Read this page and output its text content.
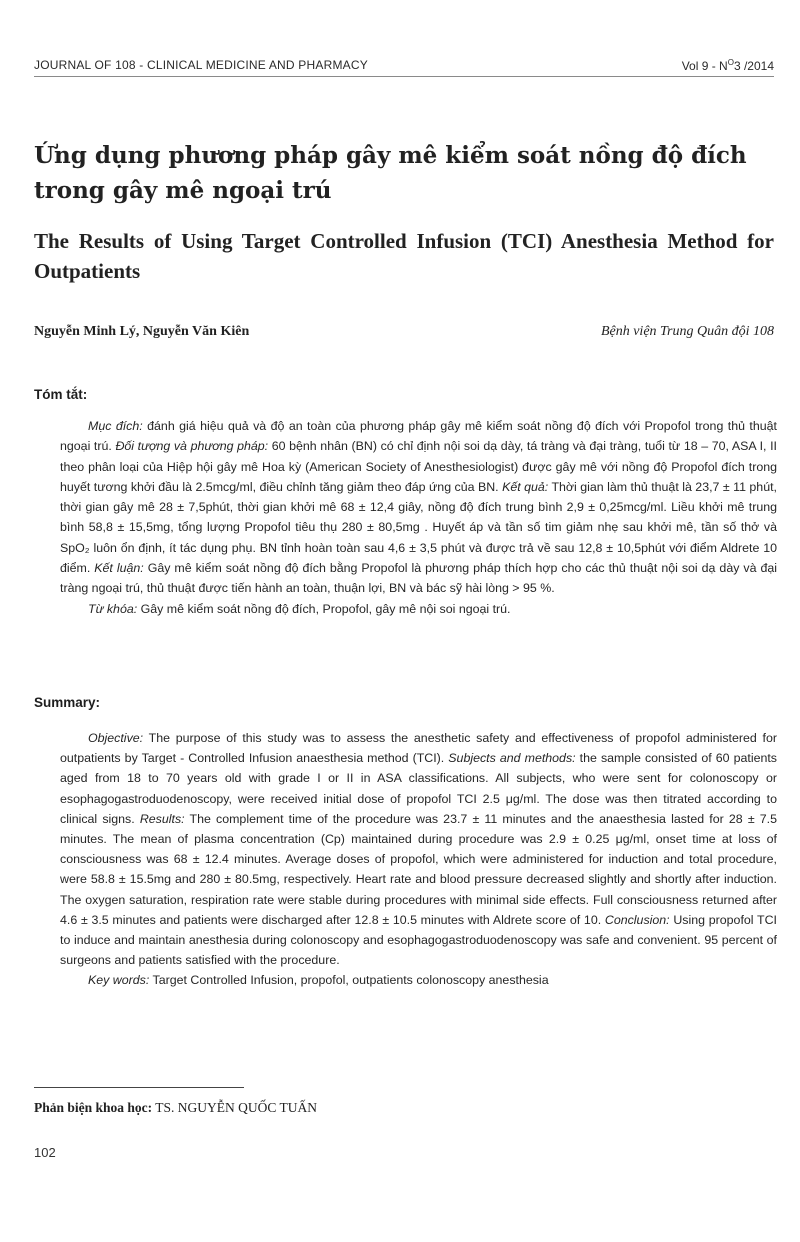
JOURNAL OF 108 - CLINICAL MEDICINE AND PHARMACY	Vol $9 - N^O3$ /2014
Ứng dụng phương pháp gây mê kiểm soát nồng độ đích trong gây mê ngoại trú
The Results of Using Target Controlled Infusion (TCI) Anesthesia Method for Outpatients
Nguyễn Minh Lý, Nguyễn Văn Kiên	Bệnh viện Trung Quân đội 108
Tóm tắt:

Mục đích: đánh giá hiệu quả và độ an toàn của phương pháp gây mê kiểm soát nồng độ đích với Propofol trong thủ thuật ngoại trú. Đối tượng và phương pháp: 60 bệnh nhân (BN) có chỉ định nội soi dạ dày, tá tràng và đại tràng, tuổi từ 18 – 70, ASA I, II theo phân loại của Hiệp hội gây mê Hoa kỳ (American Society of Anesthesiologist) được gây mê với nồng độ Propofol đích trong huyết tương khởi đầu là 2.5mcg/ml, điều chỉnh tăng giảm theo đáp ứng của BN. Kết quả: Thời gian làm thủ thuật là 23,7 ± 11 phút, thời gian gây mê 28 ± 7,5phút, thời gian khởi mê 68 ± 12,4 giây, nồng độ đích trung bình 2,9 ± 0,25mcg/ml. Liều khởi mê trung bình 58,8 ± 15,5mg, tổng lượng Propofol tiêu thụ 280 ± 80,5mg . Huyết áp và tần số tim giảm nhẹ sau khởi mê, tần số thở và SpO₂ luôn ổn định, ít tác dụng phụ. BN tỉnh hoàn toàn sau 4,6 ± 3,5 phút và được trả về sau 12,8 ± 10,5phút với điểm Aldrete 10 điểm. Kết luận: Gây mê kiểm soát nồng độ đích bằng Propofol là phương pháp thích hợp cho các thủ thuật nội soi dạ dày và đại tràng ngoại trú, thủ thuật được tiến hành an toàn, thuận lợi, BN và bác sỹ hài lòng > 95 %.

Từ khóa: Gây mê kiểm soát nồng độ đích, Propofol, gây mê nội soi ngoại trú.

Summary:

Objective: The purpose of this study was to assess the anesthetic safety and effectiveness of propofol administered for outpatients by Target - Controlled Infusion anaesthesia method (TCI). Subjects and methods: the sample consisted of 60 patients aged from 18 to 70 years old with grade I or II in ASA classifications. All subjects, who were sent for colonoscopy or esophagogastroduodenoscopy, were received initial dose of propofol TCI 2.5 μg/ml. The dose was then titrated according to clinical signs. Results: The complement time of the procedure was 23.7 ± 11 minutes and the anaesthesia lasted for 28 ± 7.5 minutes. The mean of plasma concentration (Cp) maintained during procedure was 2.9 ± 0.25 μg/ml, onset time at loss of consciousness was 68 ± 12.4 minutes. Average doses of propofol, which were administered for induction and total procedure, were 58.8 ± 15.5mg and 280 ± 80.5mg, respectively. Heart rate and blood pressure decreased slightly and shortly after induction. The oxygen saturation, respiration rate were stable during procedures with minimal side effects. Full consciousness returned after 4.6 ± 3.5 minutes and patients were discharged after 12.8 ± 10.5 minutes with Aldrete score of 10. Conclusion: Using propofol TCI to induce and maintain anesthesia during colonoscopy and esophagogastroduodenoscopy was safe and convenient. 95 percent of surgeons and patients satisfied with the procedure.

Key words: Target Controlled Infusion, propofol, outpatients colonoscopy anesthesia

Phản biện khoa học: TS. NGUYỄN QUỐC TUẤN
102
